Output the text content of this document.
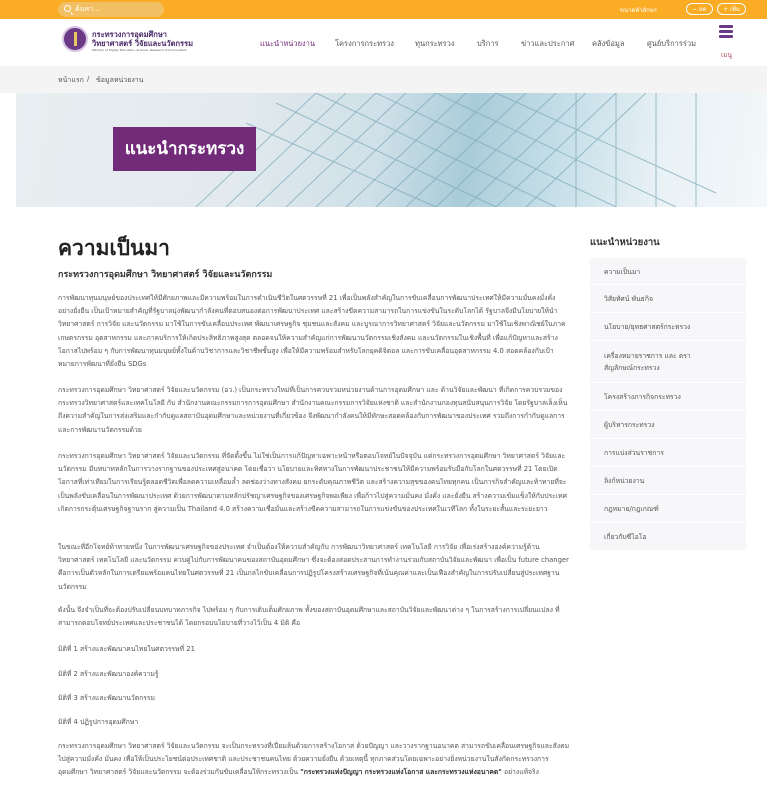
ค้นหา...	ขนาดตัวอักษร	− ลด	+ เพิ่ม
กระทรวงการอุดมศึกษา
วิทยาศาสตร์ วิจัยและนวัตกรรม
Ministry of Higher Education, Science, Research and Innovation
แนะนำหน่วยงาน	โครงการกระทรวง	ทุนกระทรวง	บริการ	ข่าวและประกาศ คลังข้อมูล	ศูนย์บริการร่วม
เมนู
หน้าแรก / ข้อมูลหน่วยงาน
แนะนำกระทรวง
ความเป็นมา
กระทรวงการอุดมศึกษา วิทยาศาสตร์ วิจัยและนวัตกรรม
การพัฒนาทุนมนุษย์ของประเทศให้มีศักยภาพและมีความพร้อมในการดำเนินชีวิตในศตวรรษที่ 21 เพื่อเป็นพลังสำคัญในการขับเคลื่อนการพัฒนาประเทศให้มีความมั่นคงมั่งคั่งอย่างยั่งยืน เป็นเป้าหมายสำคัญที่รัฐบาลมุ่งพัฒนากำลังคนที่ตอบสนองต่อการพัฒนาประเทศ และสร้างขีดความสามารถในการแข่งขันในระดับโลกได้ รัฐบาลจึงมีนโยบายให้นำวิทยาศาสตร์ การวิจัย และนวัตกรรม มาใช้ในการขับเคลื่อนประเทศ พัฒนาเศรษฐกิจ ชุมชนและสังคม และบูรณาการวิทยาศาสตร์ วิจัยและนวัตกรรม มาใช้ในเชิงพาณิชย์ในภาคเกษตรกรรม อุตสาหกรรม และภาคบริการให้เกิดประสิทธิภาพสูงสุด ตลอดจนให้ความสำคัญแก่การพัฒนานวัตกรรมเชิงสังคม และนวัตกรรมในเชิงพื้นที่ เพื่อแก้ปัญหาและสร้างโอกาสไปพร้อม ๆ กับการพัฒนาทุนมนุษย์ทั้งในด้านวิชาการและวิชาชีพชั้นสูง เพื่อให้มีความพร้อมสำหรับโลกยุคดิจิตอล และการขับเคลื่อนอุตสาหกรรม 4.0 สอดคล้องกับเป้าหมายการพัฒนาที่ยั่งยืน SDGs
กระทรวงการอุดมศึกษา วิทยาศาสตร์ วิจัยและนวัตกรรม (อว.) เป็นกระทรวงใหม่ที่เป็นการควบรวมหน่วยงานด้านการอุดมศึกษา และ ด้านวิจัยและพัฒนา ที่เกิดการควบรวมของ กระทรวงวิทยาศาสตร์และเทคโนโลยี กับ สำนักงานคณะกรรมการการอุดมศึกษา สำนักงานคณะกรรมการวิจัยแห่งชาติ และสำนักงานกองทุนสนับสนุนการวิจัย โดยรัฐบาลเล็งเห็นถึงความสำคัญในการส่งเสริมและกำกับดูแลสถาบันอุดมศึกษาและหน่วยงานที่เกี่ยวข้อง จึงพัฒนากำลังคนให้มีทักษะสอดคล้องกับการพัฒนาของประเทศ รวมถึงการกำกับดูแลการและการพัฒนานวัตกรรมด้วย
กระทรวงการอุดมศึกษา วิทยาศาสตร์ วิจัยและนวัตกรรม ที่จัดตั้งขึ้น ไม่ใช่เป็นการแก้ปัญหาเฉพาะหน้าหรือตอบโจทย์ในปัจจุบัน แต่กระทรวงการอุดมศึกษา วิทยาศาสตร์ วิจัยและนวัตกรรม มีบทบาทหลักในการวางรากฐานของประเทศสู่อนาคต โดยเชื่อว่า นโยบายและทิศทางในการพัฒนาประชาชนให้มีความพร้อมรับมือกับโลกในศตวรรษที่ 21 โดยเปิดโอกาสที่เท่าเทียมในการเรียนรู้ตลอดชีวิตเพื่อลดความเหลื่อมล้ำ ลดช่องว่างทางสังคม ยกระดับคุณภาพชีวิต และสร้างความสุขของคนไทยทุกคน เป็นภารกิจสำคัญและท้าทายที่จะเป็นพลังขับเคลื่อนในการพัฒนาประเทศ ด้วยการพัฒนาตามหลักปรัชญาเศรษฐกิจของเศรษฐกิจพอเพียง เพื่อก้าวไปสู่ความมั่นคง มั่งคั่ง และยั่งยืน สร้างความเข้มแข็งให้กับประเทศ เกิดการกระตุ้นเศรษฐกิจฐานราก สู่ความเป็น Thailand 4.0 สร้างความเชื่อมั่นและสร้างขีดความสามารถในการแข่งขันของประเทศในเวทีโลก ทั้งในระยะสั้นและระยะยาว
ในขณะที่อีกโจทย์ท้าทายหนึ่ง ในการพัฒนาเศรษฐกิจของประเทศ จำเป็นต้องให้ความสำคัญกับ การพัฒนาวิทยาศาสตร์ เทคโนโลยี การวิจัย เพื่อเร่งสร้างองค์ความรู้ด้านวิทยาศาสตร์ เทคโนโลยี และนวัตกรรม ควบคู่ไปกับการพัฒนาคนของสถาบันอุดมศึกษา ซึ่งจะต้องสอดประสานการทำงานร่วมกับสถาบันวิจัยและพัฒนา เพื่อเป็น future changer คือการเป็นตัวหลักในการเตรียมพร้อมคนไทยในศตวรรษที่ 21 เป็นกลไกขับเคลื่อนการปฏิรูปโครงสร้างเศรษฐกิจที่เน้นคุณค่าและเป็นเฟืองสำคัญในการปรับเปลี่ยนสู่ประเทศฐานนวัตกรรม
ดังนั้น จึงจำเป็นที่จะต้องปรับเปลี่ยนบทบาทภารกิจ ไปพร้อม ๆ กับการเติบเต็มศักยภาพ ทั้งของสถาบันอุดมศึกษาและสถาบันวิจัยและพัฒนาต่าง ๆ ในการสร้างการเปลี่ยนแปลง ที่สามารถตอบโจทย์ประเทศและประชาชนได้ โดยกรอบนโยบายที่วางไว้เป็น 4 มิติ คือ
มิติที่ 1 สร้างและพัฒนาคนไทยในศตวรรษที่ 21
มิติที่ 2 สร้างและพัฒนาองค์ความรู้
มิติที่ 3 สร้างและพัฒนานวัตกรรม
มิติที่ 4 ปฏิรูปการอุดมศึกษา
กระทรวงการอุดมศึกษา วิทยาศาสตร์ วิจัยและนวัตกรรม จะเป็นกระทรวงที่เปี่ยมล้นด้วยการสร้างโอกาส ด้วยปัญญา และวางรากฐานอนาคต สามารถขับเคลื่อนเศรษฐกิจและสังคม ไปสู่ความมั่งคั่ง มั่นคง เพื่อให้เป็นประโยชน์ต่อประเทศชาติ และประชาชนคนไทย ด้วยความยั่งยืน ด้วยเหตุนี้ ทุกภาคส่วนโดยเฉพาะอย่างยิ่งหน่วยงานในสังกัดกระทรวงการอุดมศึกษา วิทยาศาสตร์ วิจัยและนวัตกรรม จะต้องร่วมกันขับเคลื่อนให้กระทรวงเป็น "กระทรวงแห่งปัญญา กระทรวงแห่งโอกาส และกระทรวงแห่งอนาคต" อย่างแท้จริง
แนะนำหน่วยงาน
ความเป็นมา
วิสัยทัศน์ พันธกิจ
นโยบาย/ยุทธศาสตร์กระทรวง
เครื่องหมายราชการ และ ตราสัญลักษณ์กระทรวง
โครงสร้างภารกิจกระทรวง
ผู้บริหารกระทรวง
การแบ่งส่วนราชการ
ลิงก์หน่วยงาน
กฎหมาย/กฎเกณฑ์
เกี่ยวกับซีไอโอ
